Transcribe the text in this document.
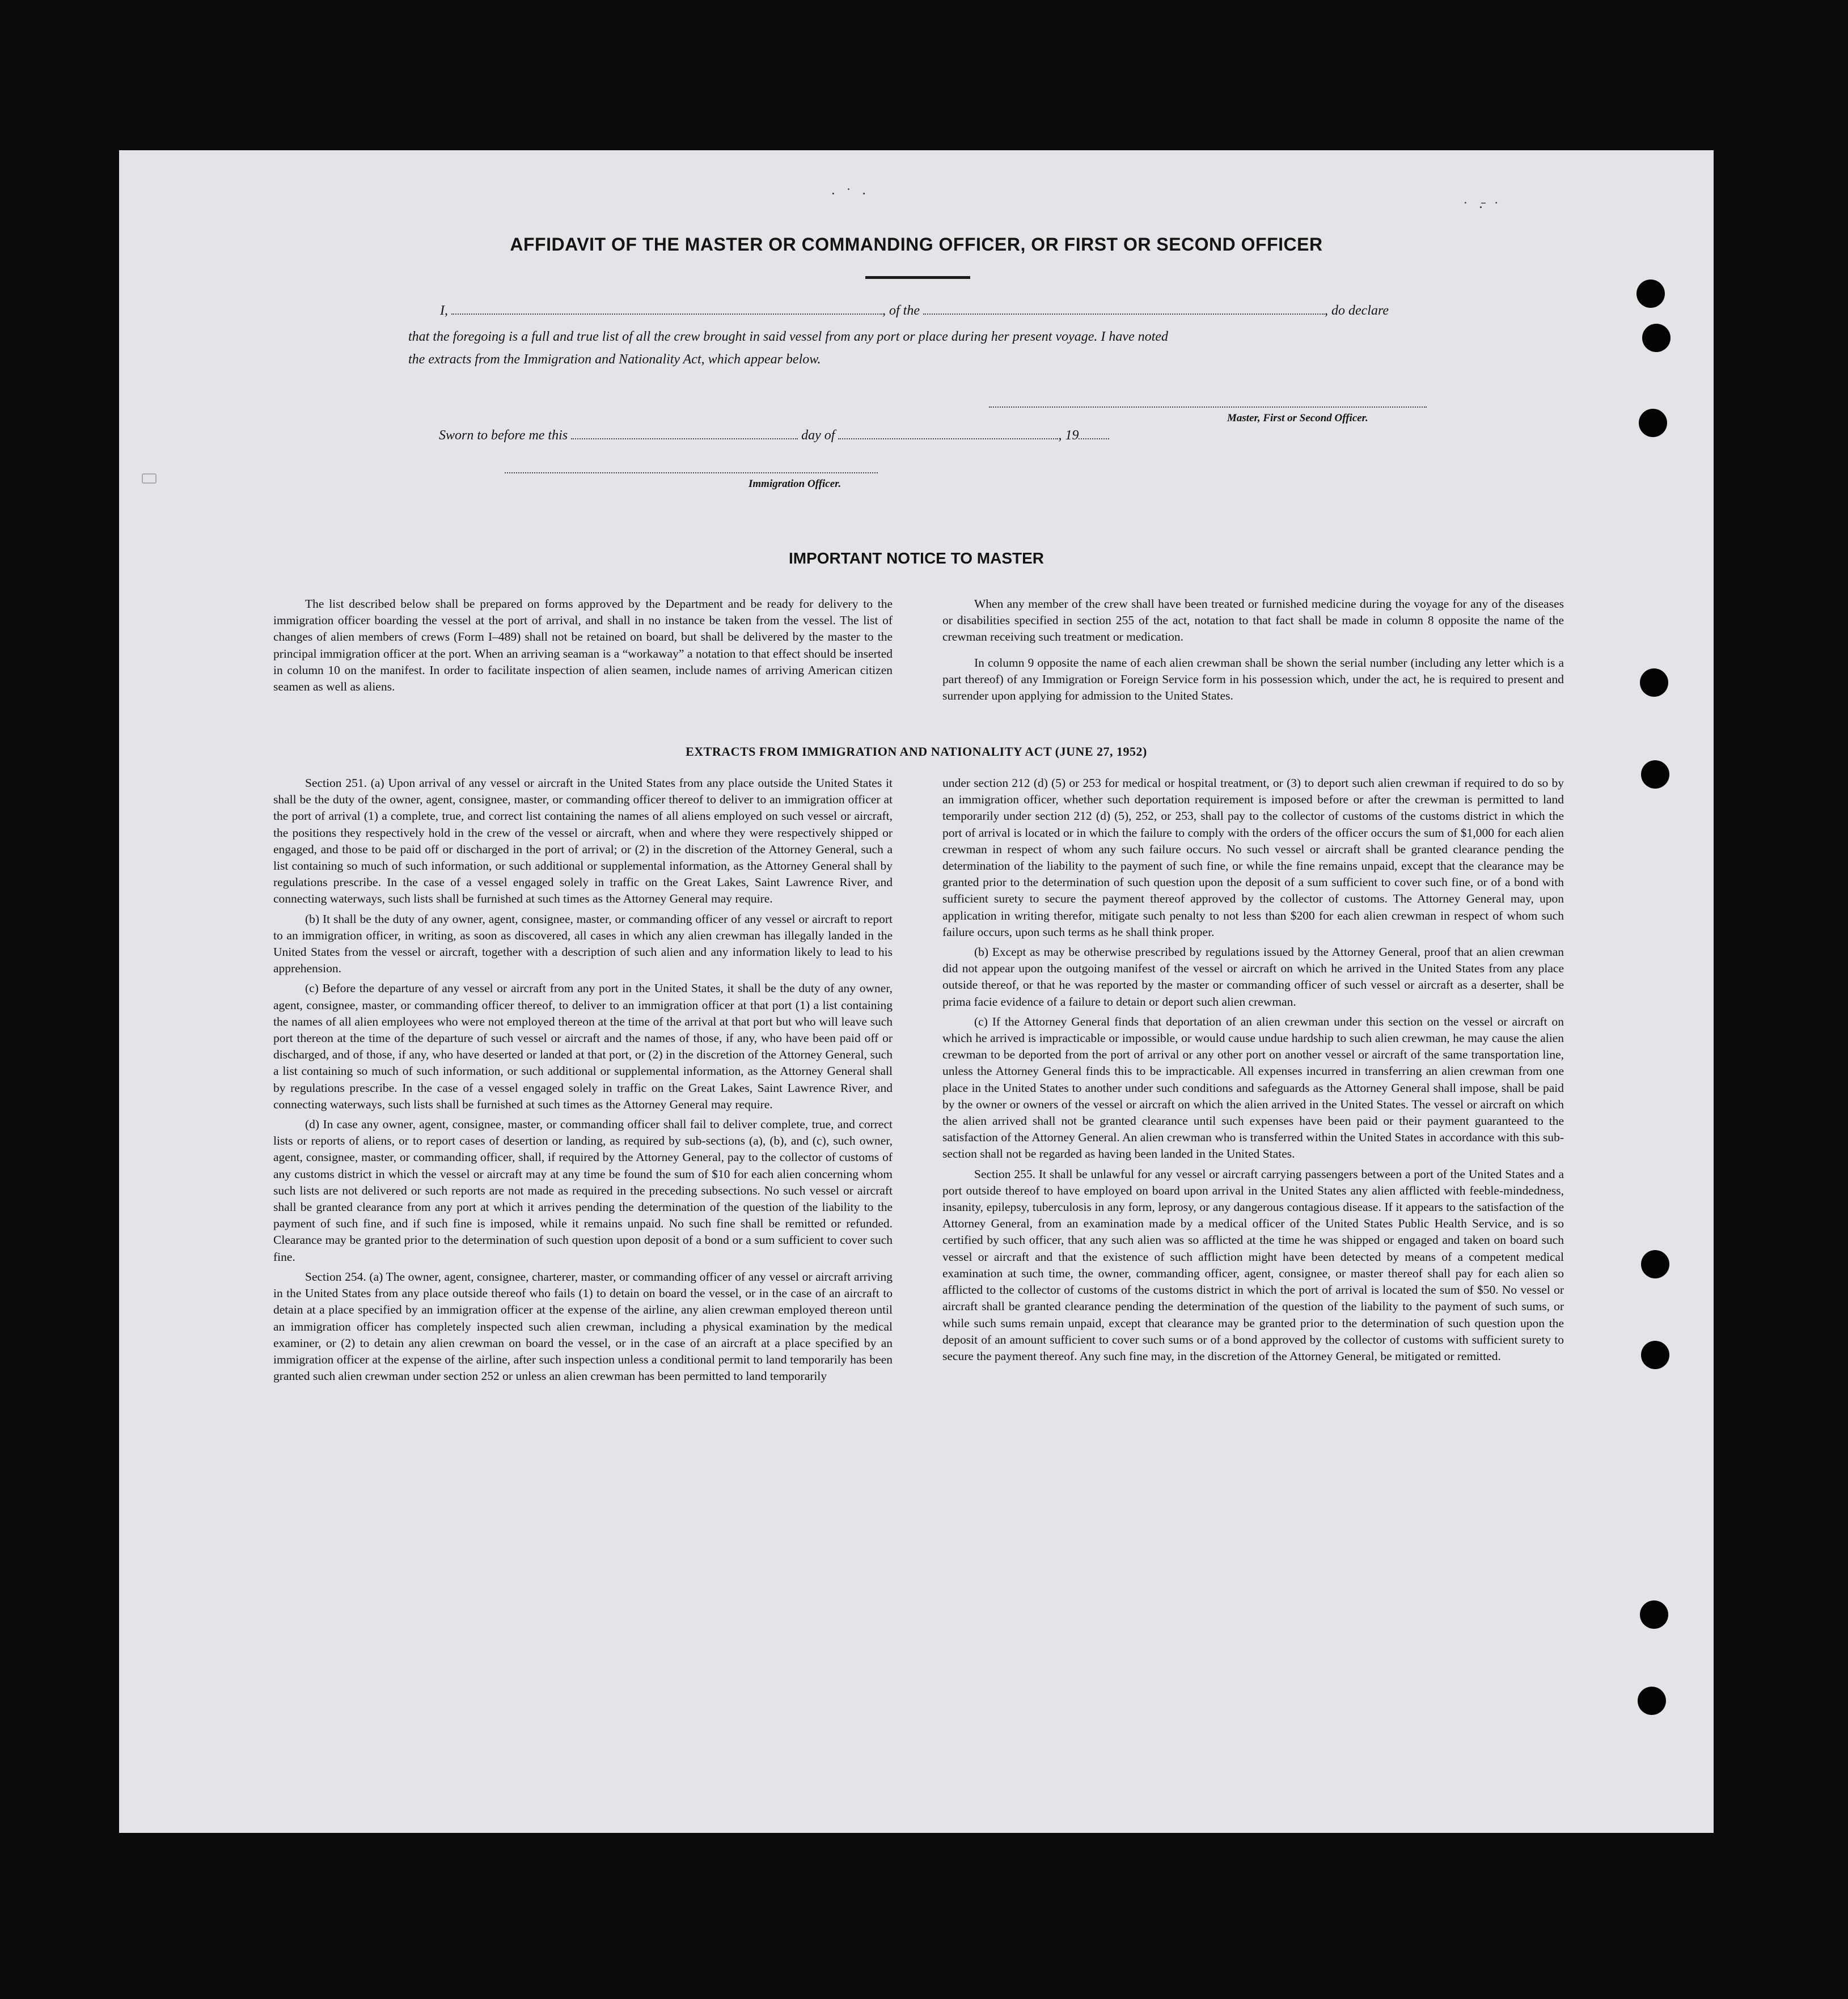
· ˙ ·
˙ ·̄ ˙
AFFIDAVIT OF THE MASTER OR COMMANDING OFFICER, OR FIRST OR SECOND OFFICER
I,	, of the	, do declare
that the foregoing is a full and true list of all the crew brought in said vessel from any port or place during her present voyage. I have noted
the extracts from the Immigration and Nationality Act, which appear below.
Master, First or Second Officer.
Sworn to before me this	day of	, 19
Immigration Officer.
IMPORTANT NOTICE TO MASTER

The list described below shall be prepared on forms approved by the Department and be ready for delivery to the immigration officer boarding the vessel at the port of arrival, and shall in no instance be taken from the vessel. The list of changes of alien members of crews (Form I–489) shall not be retained on board, but shall be delivered by the master to the principal immigration officer at the port. When an arriving seaman is a “workaway” a notation to that effect should be inserted in column 10 on the manifest. In order to facilitate inspection of alien seamen, include names of arriving American citizen seamen as well as aliens.

When any member of the crew shall have been treated or furnished medicine during the voyage for any of the diseases or disabilities specified in section 255 of the act, notation to that fact shall be made in column 8 opposite the name of the crewman receiving such treatment or medication.

In column 9 opposite the name of each alien crewman shall be shown the serial number (including any letter which is a part thereof) of any Immigration or Foreign Service form in his possession which, under the act, he is required to present and surrender upon applying for admission to the United States.

EXTRACTS FROM IMMIGRATION AND NATIONALITY ACT (JUNE 27, 1952)

Section 251. (a) Upon arrival of any vessel or aircraft in the United States from any place outside the United States it shall be the duty of the owner, agent, consignee, master, or commanding officer thereof to deliver to an immigration officer at the port of arrival (1) a complete, true, and correct list containing the names of all aliens employed on such vessel or aircraft, the positions they respectively hold in the crew of the vessel or aircraft, when and where they were respectively shipped or engaged, and those to be paid off or discharged in the port of arrival; or (2) in the discretion of the Attorney General, such a list containing so much of such information, or such additional or supplemental information, as the Attorney General shall by regulations prescribe. In the case of a vessel engaged solely in traffic on the Great Lakes, Saint Lawrence River, and connecting waterways, such lists shall be furnished at such times as the Attorney General may require.

(b) It shall be the duty of any owner, agent, consignee, master, or commanding officer of any vessel or aircraft to report to an immigration officer, in writing, as soon as discovered, all cases in which any alien crewman has illegally landed in the United States from the vessel or aircraft, together with a description of such alien and any information likely to lead to his apprehension.

(c) Before the departure of any vessel or aircraft from any port in the United States, it shall be the duty of any owner, agent, consignee, master, or commanding officer thereof, to deliver to an immigration officer at that port (1) a list containing the names of all alien employees who were not employed thereon at the time of the arrival at that port but who will leave such port thereon at the time of the departure of such vessel or aircraft and the names of those, if any, who have been paid off or discharged, and of those, if any, who have deserted or landed at that port, or (2) in the discretion of the Attorney General, such a list containing so much of such information, or such additional or supplemental information, as the Attorney General shall by regulations prescribe. In the case of a vessel engaged solely in traffic on the Great Lakes, Saint Lawrence River, and connecting waterways, such lists shall be furnished at such times as the Attorney General may require.

(d) In case any owner, agent, consignee, master, or commanding officer shall fail to deliver complete, true, and correct lists or reports of aliens, or to report cases of desertion or landing, as required by sub-sections (a), (b), and (c), such owner, agent, consignee, master, or commanding officer, shall, if required by the Attorney General, pay to the collector of customs of any customs district in which the vessel or aircraft may at any time be found the sum of $10 for each alien concerning whom such lists are not delivered or such reports are not made as required in the preceding subsections. No such vessel or aircraft shall be granted clearance from any port at which it arrives pending the determination of the question of the liability to the payment of such fine, and if such fine is imposed, while it remains unpaid. No such fine shall be remitted or refunded. Clearance may be granted prior to the determination of such question upon deposit of a bond or a sum sufficient to cover such fine.

Section 254. (a) The owner, agent, consignee, charterer, master, or commanding officer of any vessel or aircraft arriving in the United States from any place outside thereof who fails (1) to detain on board the vessel, or in the case of an aircraft to detain at a place specified by an immigration officer at the expense of the airline, any alien crewman employed thereon until an immigration officer has completely inspected such alien crewman, including a physical examination by the medical examiner, or (2) to detain any alien crewman on board the vessel, or in the case of an aircraft at a place specified by an immigration officer at the expense of the airline, after such inspection unless a conditional permit to land temporarily has been granted such alien crewman under section 252 or unless an alien crewman has been permitted to land temporarily

under section 212 (d) (5) or 253 for medical or hospital treatment, or (3) to deport such alien crewman if required to do so by an immigration officer, whether such deportation requirement is imposed before or after the crewman is permitted to land temporarily under section 212 (d) (5), 252, or 253, shall pay to the collector of customs of the customs district in which the port of arrival is located or in which the failure to comply with the orders of the officer occurs the sum of $1,000 for each alien crewman in respect of whom any such failure occurs. No such vessel or aircraft shall be granted clearance pending the determination of the liability to the payment of such fine, or while the fine remains unpaid, except that the clearance may be granted prior to the determination of such question upon the deposit of a sum sufficient to cover such fine, or of a bond with sufficient surety to secure the payment thereof approved by the collector of customs. The Attorney General may, upon application in writing therefor, mitigate such penalty to not less than $200 for each alien crewman in respect of whom such failure occurs, upon such terms as he shall think proper.

(b) Except as may be otherwise prescribed by regulations issued by the Attorney General, proof that an alien crewman did not appear upon the outgoing manifest of the vessel or aircraft on which he arrived in the United States from any place outside thereof, or that he was reported by the master or commanding officer of such vessel or aircraft as a deserter, shall be prima facie evidence of a failure to detain or deport such alien crewman.

(c) If the Attorney General finds that deportation of an alien crewman under this section on the vessel or aircraft on which he arrived is impracticable or impossible, or would cause undue hardship to such alien crewman, he may cause the alien crewman to be deported from the port of arrival or any other port on another vessel or aircraft of the same transportation line, unless the Attorney General finds this to be impracticable. All expenses incurred in transferring an alien crewman from one place in the United States to another under such conditions and safeguards as the Attorney General shall impose, shall be paid by the owner or owners of the vessel or aircraft on which the alien arrived in the United States. The vessel or aircraft on which the alien arrived shall not be granted clearance until such expenses have been paid or their payment guaranteed to the satisfaction of the Attorney General. An alien crewman who is transferred within the United States in accordance with this sub-section shall not be regarded as having been landed in the United States.

Section 255. It shall be unlawful for any vessel or aircraft carrying passengers between a port of the United States and a port outside thereof to have employed on board upon arrival in the United States any alien afflicted with feeble-mindedness, insanity, epilepsy, tuberculosis in any form, leprosy, or any dangerous contagious disease. If it appears to the satisfaction of the Attorney General, from an examination made by a medical officer of the United States Public Health Service, and is so certified by such officer, that any such alien was so afflicted at the time he was shipped or engaged and taken on board such vessel or aircraft and that the existence of such affliction might have been detected by means of a competent medical examination at such time, the owner, commanding officer, agent, consignee, or master thereof shall pay for each alien so afflicted to the collector of customs of the customs district in which the port of arrival is located the sum of $50. No vessel or aircraft shall be granted clearance pending the determination of the question of the liability to the payment of such sums, or while such sums remain unpaid, except that clearance may be granted prior to the determination of such question upon the deposit of an amount sufficient to cover such sums or of a bond approved by the collector of customs with sufficient surety to secure the payment thereof. Any such fine may, in the discretion of the Attorney General, be mitigated or remitted.
